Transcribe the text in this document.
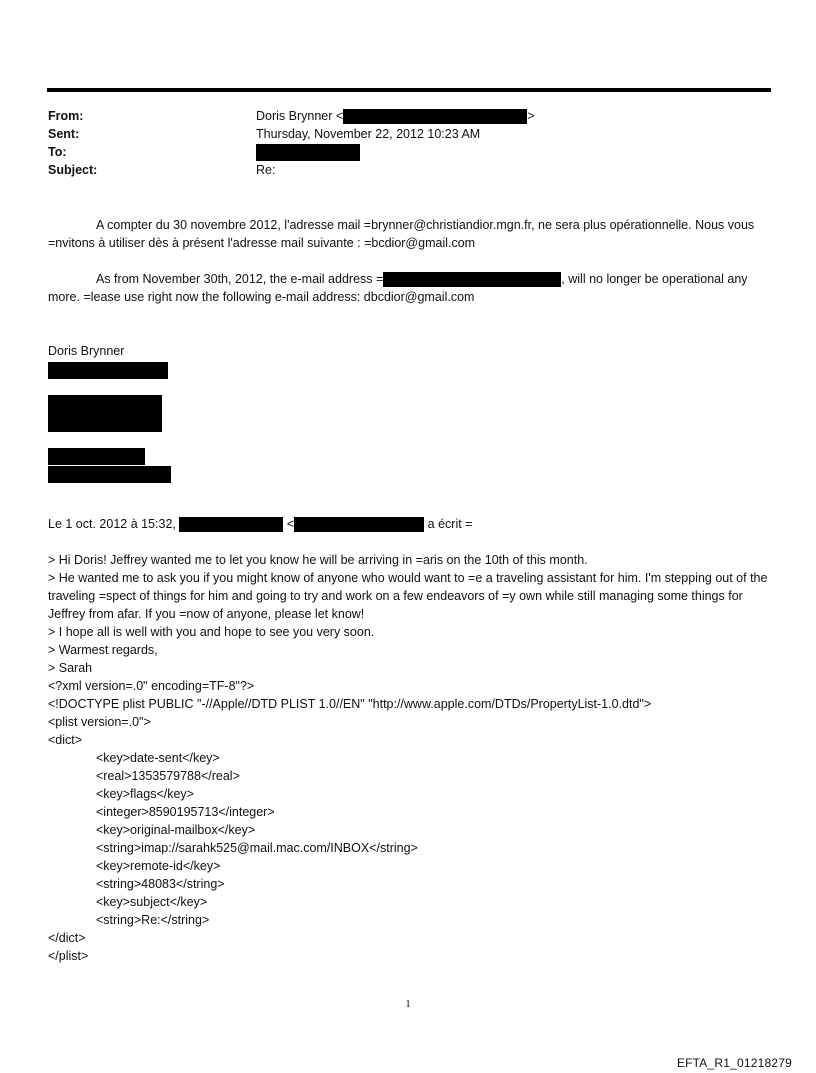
From:	Doris Brynner <	>
Sent:	Thursday, November 22, 2012 10:23 AM
To:
Subject:	Re:

A compter du 30 novembre 2012, l'adresse mail =brynner@christiandior.mgn.fr, ne sera plus opérationnelle. Nous vous =nvitons à utiliser dès à présent l'adresse mail suivante : =bcdior@gmail.com

As from November 30th, 2012, the e-mail address =	, will no longer be operational any more. =lease use right now the following e-mail address: dbcdior@gmail.com

Doris Brynner
Le 1 oct. 2012 à 15:32,	<	a écrit =
> Hi Doris! Jeffrey wanted me to let you know he will be arriving in =aris on the 10th of this month.
> He wanted me to ask you if you might know of anyone who would want to =e a traveling assistant for him. I'm stepping out of the traveling =spect of things for him and going to try and work on a few endeavors of =y own while still managing some things for Jeffrey from afar. If you =now of anyone, please let know!
> I hope all is well with you and hope to see you very soon.
> Warmest regards,
> Sarah
<?xml version=.0" encoding=TF-8"?>
<!DOCTYPE plist PUBLIC "-//Apple//DTD PLIST 1.0//EN" "http://www.apple.com/DTDs/PropertyList-1.0.dtd">
<plist version=.0">
<dict>
<key>date-sent</key>
<real>1353579788</real>
<key>flags</key>
<integer>8590195713</integer>
<key>original-mailbox</key>
<string>imap://sarahk525@mail.mac.com/INBOX</string>
<key>remote-id</key>
<string>48083</string>
<key>subject</key>
<string>Re:</string>
</dict>
</plist>
1
EFTA_R1_01218279
